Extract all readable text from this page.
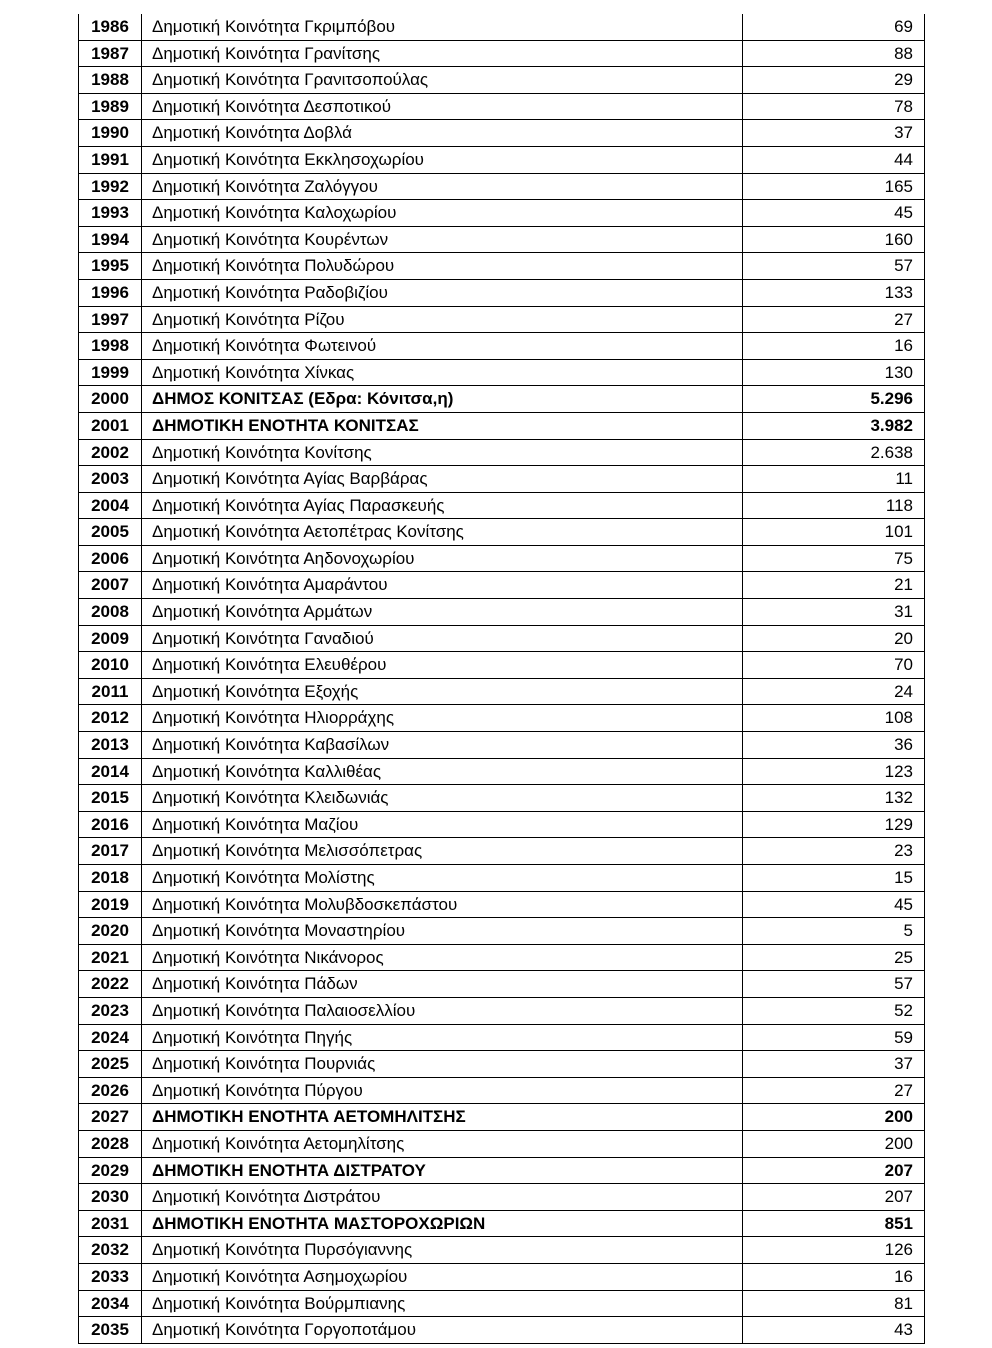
1986	Δημοτική Κοινότητα Γκριμπόβου	69
1987	Δημοτική Κοινότητα Γρανίτσης	88
1988	Δημοτική Κοινότητα Γρανιτσοπούλας	29
1989	Δημοτική Κοινότητα Δεσποτικού	78
1990	Δημοτική Κοινότητα Δοβλά	37
1991	Δημοτική Κοινότητα Εκκλησοχωρίου	44
1992	Δημοτική Κοινότητα Ζαλόγγου	165
1993	Δημοτική Κοινότητα Καλοχωρίου	45
1994	Δημοτική Κοινότητα Κουρέντων	160
1995	Δημοτική Κοινότητα Πολυδώρου	57
1996	Δημοτική Κοινότητα Ραδοβιζίου	133
1997	Δημοτική Κοινότητα Ρίζου	27
1998	Δημοτική Κοινότητα Φωτεινού	16
1999	Δημοτική Κοινότητα Χίνκας	130
2000	ΔΗΜΟΣ ΚΟΝΙΤΣΑΣ (Εδρα: Κόνιτσα,η)	5.296
2001	ΔΗΜΟΤΙΚΗ ΕΝΟΤΗΤΑ ΚΟΝΙΤΣΑΣ	3.982
2002	Δημοτική Κοινότητα Κονίτσης	2.638
2003	Δημοτική Κοινότητα Αγίας Βαρβάρας	11
2004	Δημοτική Κοινότητα Αγίας Παρασκευής	118
2005	Δημοτική Κοινότητα Αετοπέτρας Κονίτσης	101
2006	Δημοτική Κοινότητα Αηδονοχωρίου	75
2007	Δημοτική Κοινότητα Αμαράντου	21
2008	Δημοτική Κοινότητα Αρμάτων	31
2009	Δημοτική Κοινότητα Γαναδιού	20
2010	Δημοτική Κοινότητα Ελευθέρου	70
2011	Δημοτική Κοινότητα Εξοχής	24
2012	Δημοτική Κοινότητα Ηλιορράχης	108
2013	Δημοτική Κοινότητα Καβασίλων	36
2014	Δημοτική Κοινότητα Καλλιθέας	123
2015	Δημοτική Κοινότητα Κλειδωνιάς	132
2016	Δημοτική Κοινότητα Μαζίου	129
2017	Δημοτική Κοινότητα Μελισσόπετρας	23
2018	Δημοτική Κοινότητα Μολίστης	15
2019	Δημοτική Κοινότητα Μολυβδοσκεπάστου	45
2020	Δημοτική Κοινότητα Μοναστηρίου	5
2021	Δημοτική Κοινότητα Νικάνορος	25
2022	Δημοτική Κοινότητα Πάδων	57
2023	Δημοτική Κοινότητα Παλαιοσελλίου	52
2024	Δημοτική Κοινότητα Πηγής	59
2025	Δημοτική Κοινότητα Πουρνιάς	37
2026	Δημοτική Κοινότητα Πύργου	27
2027	ΔΗΜΟΤΙΚΗ ΕΝΟΤΗΤΑ ΑΕΤΟΜΗΛΙΤΣΗΣ	200
2028	Δημοτική Κοινότητα Αετομηλίτσης	200
2029	ΔΗΜΟΤΙΚΗ ΕΝΟΤΗΤΑ ΔΙΣΤΡΑΤΟΥ	207
2030	Δημοτική Κοινότητα Διστράτου	207
2031	ΔΗΜΟΤΙΚΗ ΕΝΟΤΗΤΑ ΜΑΣΤΟΡΟΧΩΡΙΩΝ	851
2032	Δημοτική Κοινότητα Πυρσόγιαννης	126
2033	Δημοτική Κοινότητα Ασημοχωρίου	16
2034	Δημοτική Κοινότητα Βούρμπιανης	81
2035	Δημοτική Κοινότητα Γοργοποτάμου	43
